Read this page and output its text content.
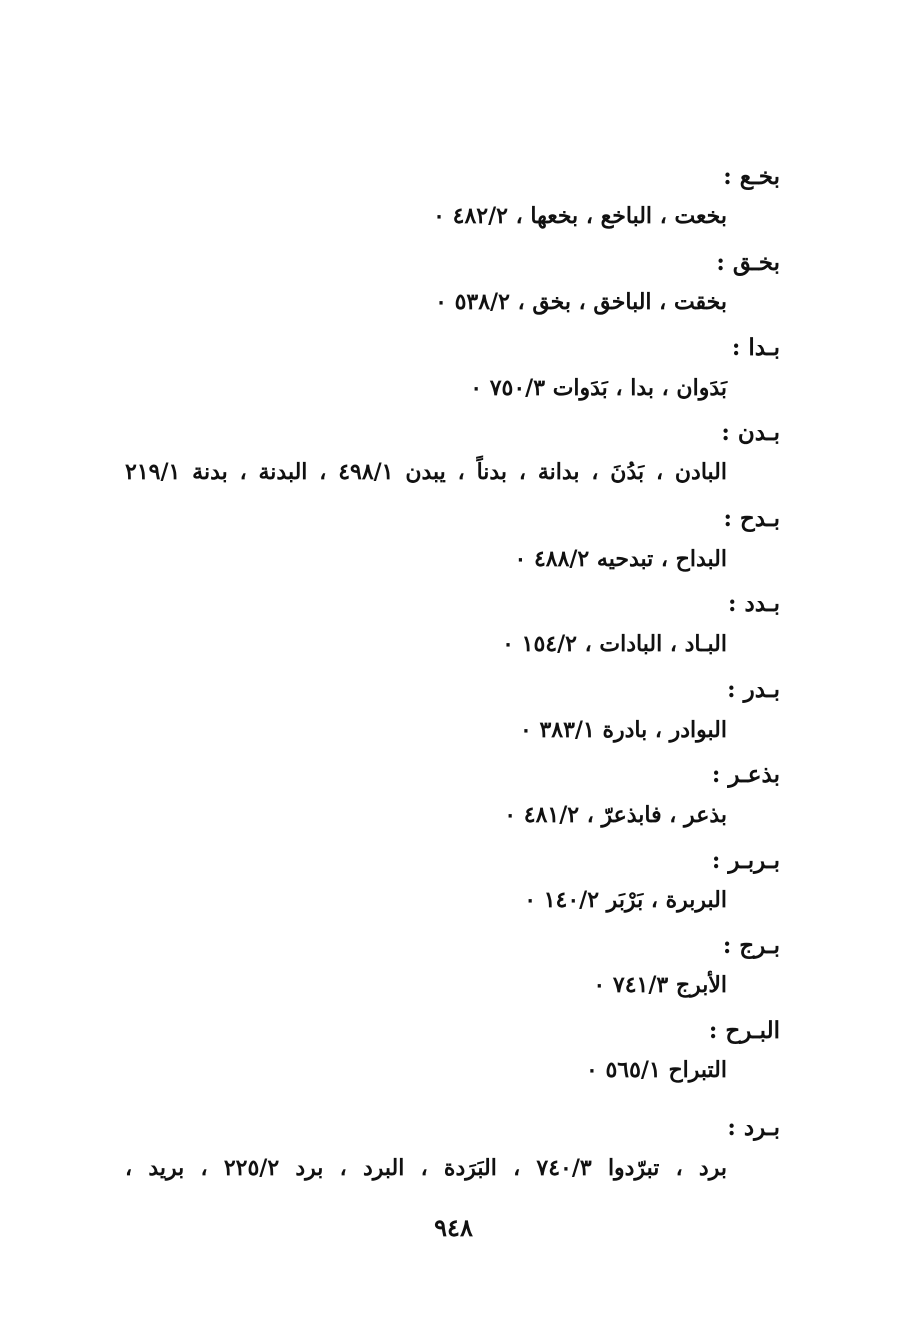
بخـع :
بخعت ، الباخع ، بخعها ، ٤٨٢/٢ ٠
بخـق :
بخقت ، الباخق ، بخق ، ٥٣٨/٢ ٠
بـدا :
بَدَوان ، بدا ، بَدَوات ٧٥٠/٣ ٠
بـدن :
البادن ، بَدُنَ ، بدانة ، بدناً ، يبدن ٤٩٨/١ ، البدنة ، بدنة ٢١٩/١
بـدح :
البداح ، تبدحيه ٤٨٨/٢ ٠
بـدد :
البـاد ، البادات ، ١٥٤/٢ ٠
بـدر :
البوادر ، بادرة ٣٨٣/١ ٠
بذعـر :
بذعر ، فابذعرّ ، ٤٨١/٢ ٠
بـربـر :
البربرة ، بَرْبَر ١٤٠/٢ ٠
بـرج :
الأبرج ٧٤١/٣ ٠
البـرح :
التبراح ٥٦٥/١ ٠
بـرد :
برد ، تبرّدوا ٧٤٠/٣ ، البَرَدة ، البرد ، برد ٢٢٥/٢ ، بريد ،
٩٤٨
